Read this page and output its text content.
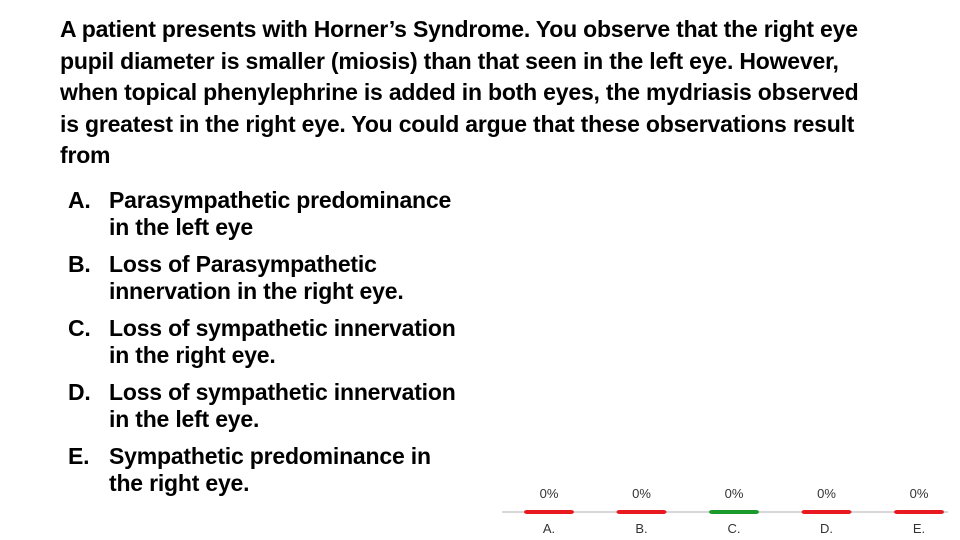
A patient presents with Horner’s Syndrome. You observe that the right eye pupil diameter is smaller (miosis) than that seen in the left eye. However, when topical phenylephrine is added in both eyes, the mydriasis observed is greatest in the right eye. You could argue that these observations result from
A. Parasympathetic predominance in the left eye
B. Loss of Parasympathetic innervation in the right eye.
C. Loss of sympathetic innervation in the right eye.
D. Loss of sympathetic innervation in the left eye.
E. Sympathetic predominance in the right eye.	0%
A.
0%
B.
0%
C.
0%
D.
0%
E.
